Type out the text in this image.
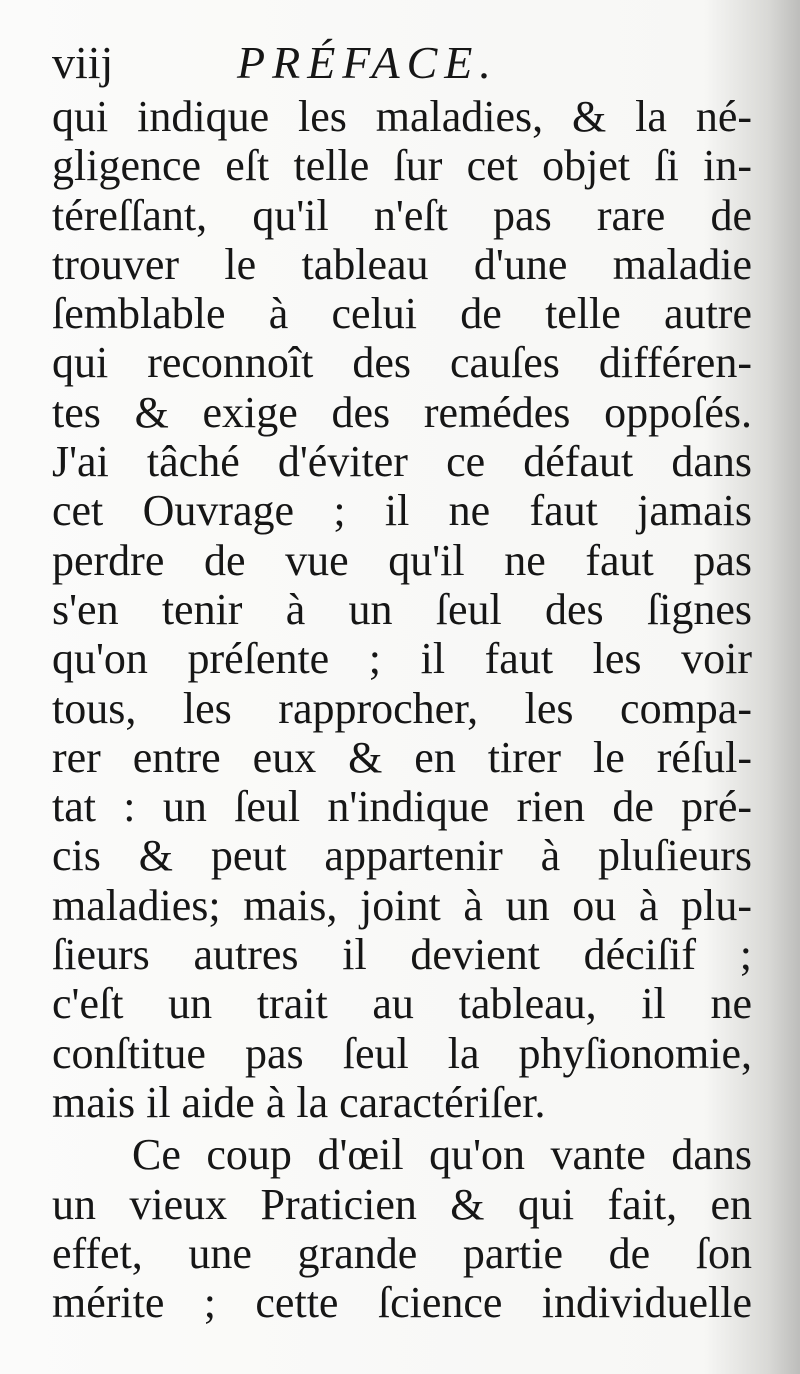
viij	PRÉFACE.
qui indique les maladies, & la né-
gligence eſt telle ſur cet objet ſi in-
téreſſant, qu'il n'eſt pas rare de
trouver le tableau d'une maladie
ſemblable à celui de telle autre
qui reconnoît des cauſes différen-
tes & exige des remédes oppoſés.
J'ai tâché d'éviter ce défaut dans
cet Ouvrage ; il ne faut jamais
perdre de vue qu'il ne faut pas
s'en tenir à un ſeul des ſignes
qu'on préſente ; il faut les voir
tous, les rapprocher, les compa-
rer entre eux & en tirer le réſul-
tat : un ſeul n'indique rien de pré-
cis & peut appartenir à pluſieurs
maladies; mais, joint à un ou à plu-
ſieurs autres il devient déciſif ;
c'eſt un trait au tableau, il ne
conſtitue pas ſeul la phyſionomie,
mais il aide à la caractériſer.
Ce coup d'œil qu'on vante dans
un vieux Praticien & qui fait, en
effet, une grande partie de ſon
mérite ; cette ſcience individuelle
